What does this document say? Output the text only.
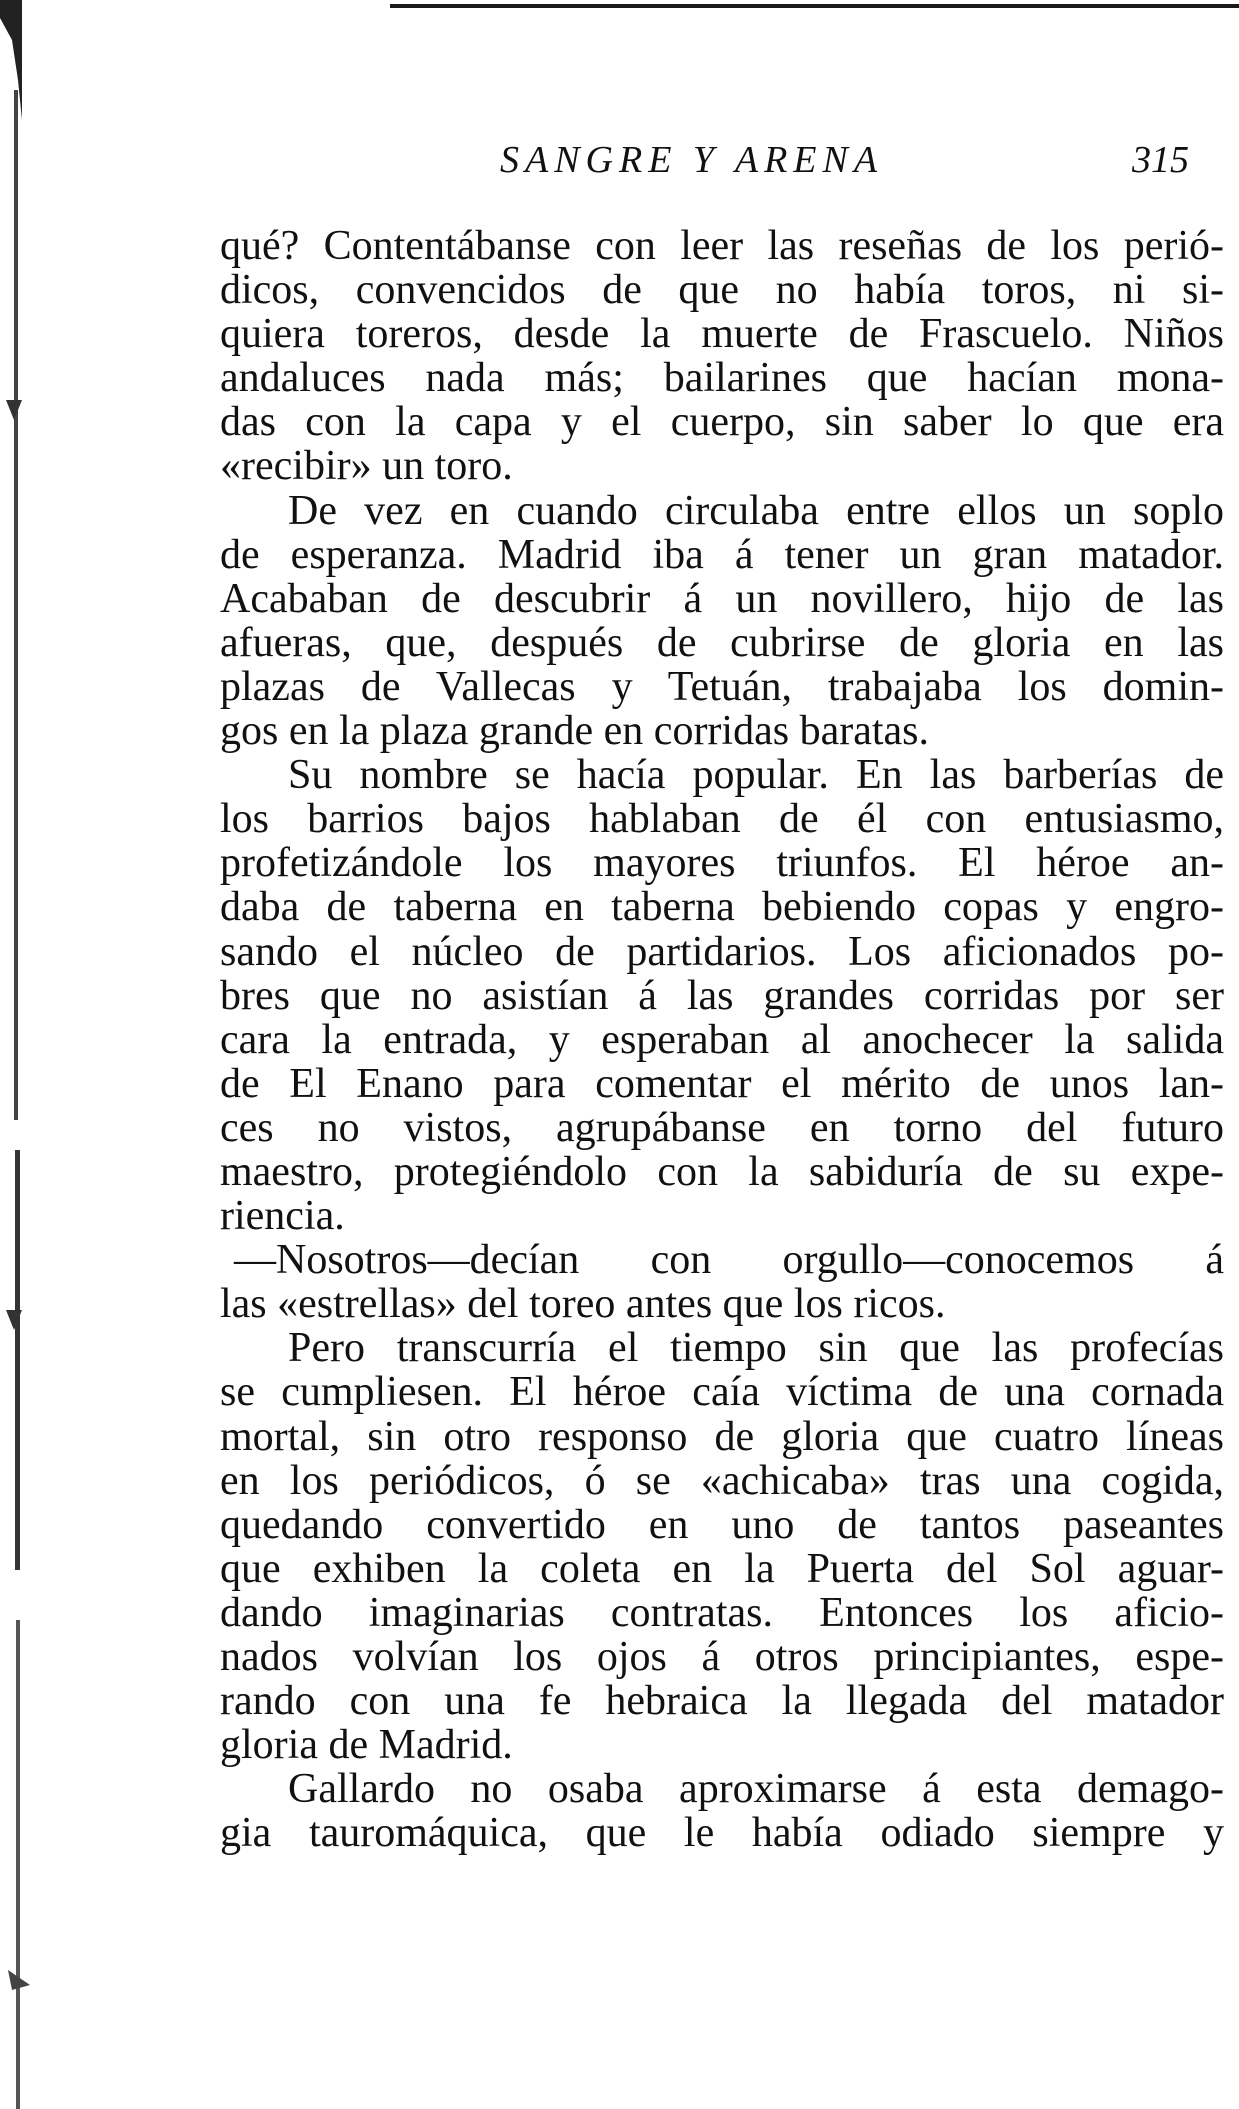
SANGRE Y ARENA	315
qué? Contentábanse con leer las reseñas de los perió-
dicos, convencidos de que no había toros, ni si-
quiera toreros, desde la muerte de Frascuelo. Niños
andaluces nada más; bailarines que hacían mona-
das con la capa y el cuerpo, sin saber lo que era
«recibir» un toro.
De vez en cuando circulaba entre ellos un soplo
de esperanza. Madrid iba á tener un gran matador.
Acababan de descubrir á un novillero, hijo de las
afueras, que, después de cubrirse de gloria en las
plazas de Vallecas y Tetuán, trabajaba los domin-
gos en la plaza grande en corridas baratas.
Su nombre se hacía popular. En las barberías de
los barrios bajos hablaban de él con entusiasmo,
profetizándole los mayores triunfos. El héroe an-
daba de taberna en taberna bebiendo copas y engro-
sando el núcleo de partidarios. Los aficionados po-
bres que no asistían á las grandes corridas por ser
cara la entrada, y esperaban al anochecer la salida
de El Enano para comentar el mérito de unos lan-
ces no vistos, agrupábanse en torno del futuro
maestro, protegiéndolo con la sabiduría de su expe-
riencia.
—Nosotros—decían con orgullo—conocemos á
las «estrellas» del toreo antes que los ricos.
Pero transcurría el tiempo sin que las profecías
se cumpliesen. El héroe caía víctima de una cornada
mortal, sin otro responso de gloria que cuatro líneas
en los periódicos, ó se «achicaba» tras una cogida,
quedando convertido en uno de tantos paseantes
que exhiben la coleta en la Puerta del Sol aguar-
dando imaginarias contratas. Entonces los aficio-
nados volvían los ojos á otros principiantes, espe-
rando con una fe hebraica la llegada del matador
gloria de Madrid.
Gallardo no osaba aproximarse á esta demago-
gia tauromáquica, que le había odiado siempre y
